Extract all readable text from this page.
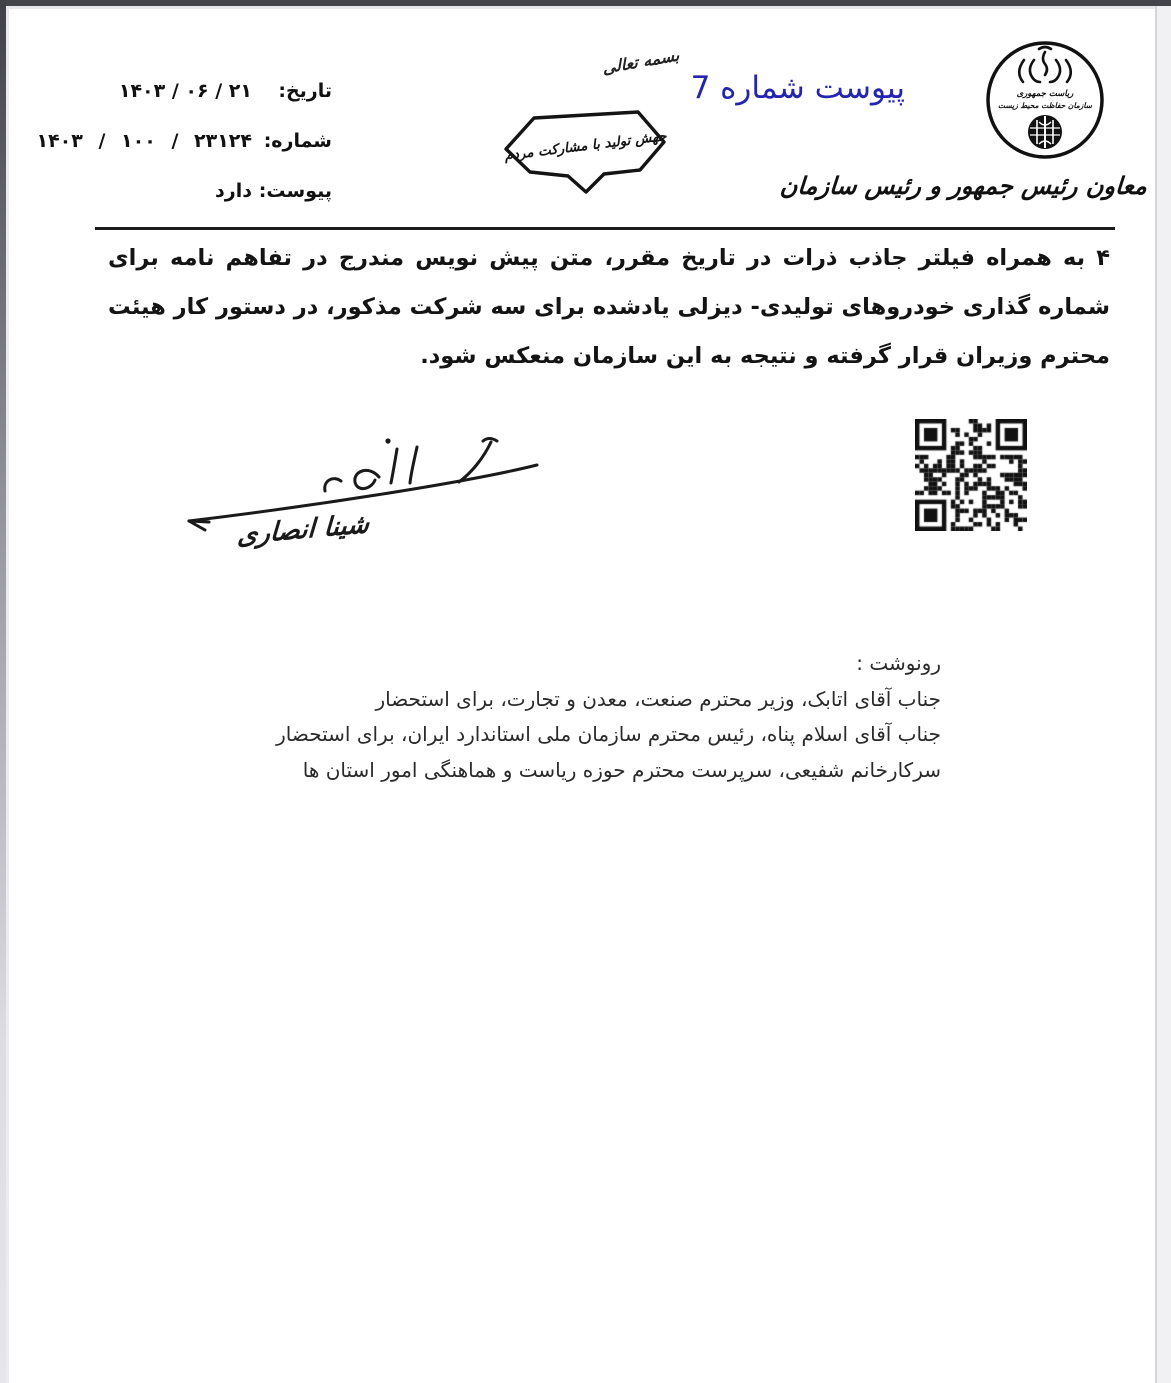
ریاست جمهوری
سازمان حفاظت محیط زیست
معاون رئیس جمهور و رئیس سازمان
پیوست شماره 7
بسمه تعالی
جهش تولید با مشارکت مردم
تاریخ:
۲۱ / ۰۶ / ۱۴۰۳
شماره:
۲۳۱۲۴ / ۱۰۰ / ۱۴۰۳
پیوست:
دارد
۴ به همراه فیلتر جاذب ذرات در تاریخ مقرر، متن پیش نویس مندرج در تفاهم نامه برای شماره گذاری خودروهای تولیدی- دیزلی یادشده برای سه شرکت مذکور، در دستور کار هیئت محترم وزیران قرار گرفته و نتیجه به این سازمان منعکس شود.
شینا انصاری
رونوشت :
جناب آقای اتابک، وزیر محترم صنعت، معدن و تجارت، برای استحضار
جناب آقای اسلام پناه، رئیس محترم سازمان ملی استاندارد ایران، برای استحضار
سرکارخانم شفیعی، سرپرست محترم حوزه ریاست و هماهنگی امور استان ها
